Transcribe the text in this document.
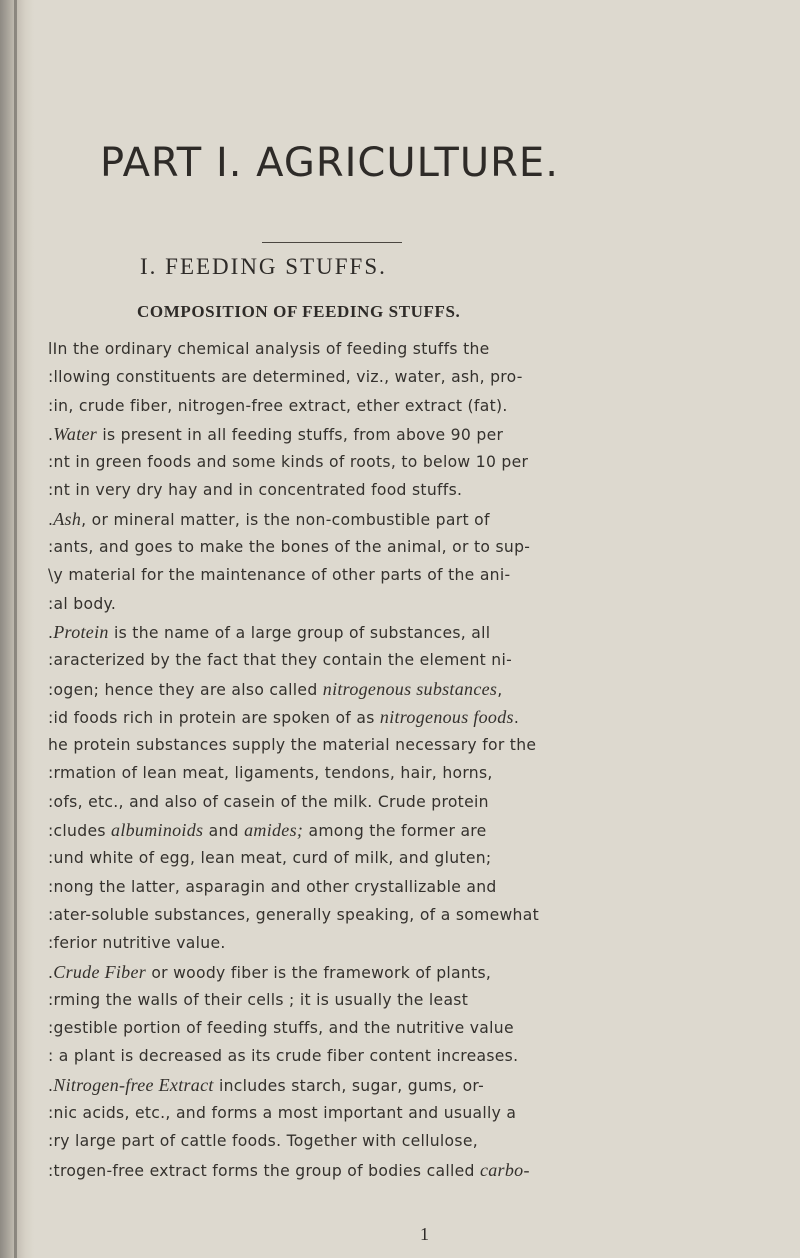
PART I. AGRICULTURE.
I. FEEDING STUFFS.
COMPOSITION OF FEEDING STUFFS.
lIn the ordinary chemical analysis of feeding stuffs the
:llowing constituents are determined, viz., water, ash, pro-
:in, crude fiber, nitrogen-free extract, ether extract (fat).
.Water is present in all feeding stuffs, from above 90 per
:nt in green foods and some kinds of roots, to below 10 per
:nt in very dry hay and in concentrated food stuffs.
.Ash, or mineral matter, is the non-combustible part of
:ants, and goes to make the bones of the animal, or to sup-
\y material for the maintenance of other parts of the ani-
:al body.
.Protein is the name of a large group of substances, all
:aracterized by the fact that they contain the element ni-
:ogen; hence they are also called nitrogenous substances,
:id foods rich in protein are spoken of as nitrogenous foods.
he protein substances supply the material necessary for the
:rmation of lean meat, ligaments, tendons, hair, horns,
:ofs, etc., and also of casein of the milk. Crude protein
:cludes albuminoids and amides; among the former are
:und white of egg, lean meat, curd of milk, and gluten;
:nong the latter, asparagin and other crystallizable and
:ater-soluble substances, generally speaking, of a somewhat
:ferior nutritive value.
.Crude Fiber or woody fiber is the framework of plants,
:rming the walls of their cells ; it is usually the least
:gestible portion of feeding stuffs, and the nutritive value
: a plant is decreased as its crude fiber content increases.
.Nitrogen-free Extract includes starch, sugar, gums, or-
:nic acids, etc., and forms a most important and usually a
:ry large part of cattle foods. Together with cellulose,
:trogen-free extract forms the group of bodies called carbo-
1
